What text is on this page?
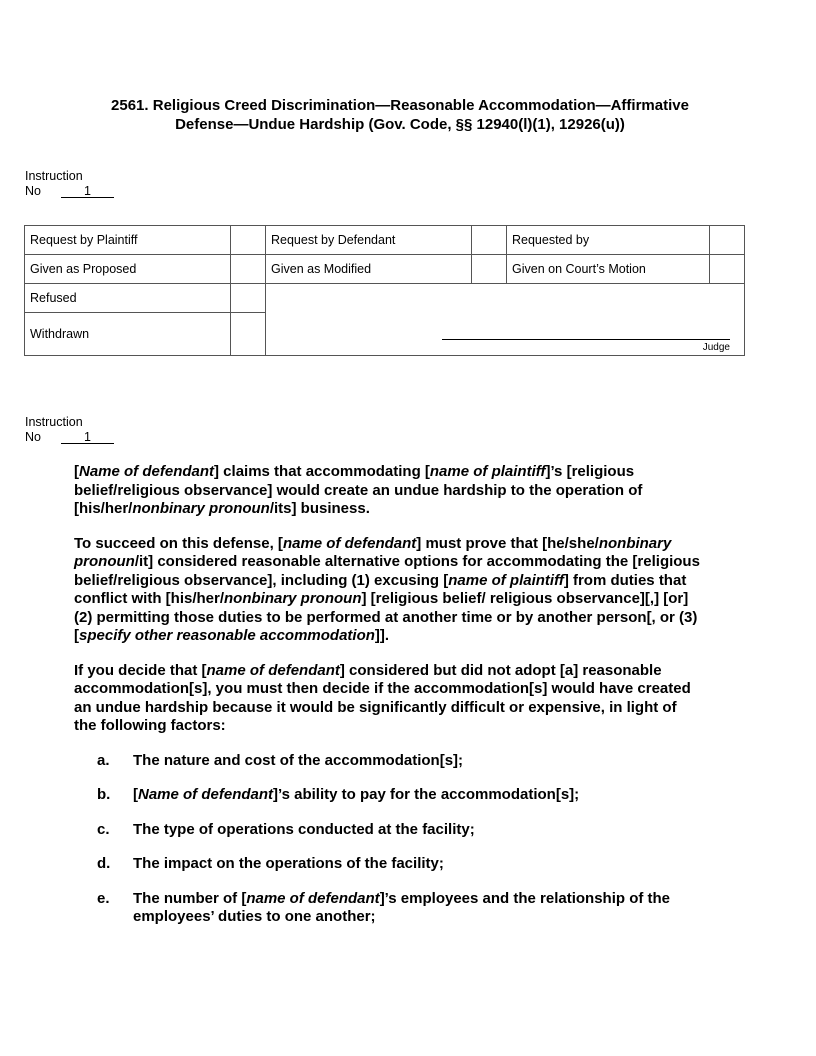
2561. Religious Creed Discrimination—Reasonable Accommodation—Affirmative Defense—Undue Hardship (Gov. Code, §§ 12940(l)(1), 12926(u))
Instruction
No	1
Request by Plaintiff		Request by Defendant		Requested by	
Given as Proposed		Given as Modified		Given on Court’s Motion	
Refused		Judge			

Withdrawn					
Instruction
No	1

[Name of defendant] claims that accommodating [name of plaintiff]’s [religious belief/religious observance] would create an undue hardship to the operation of [his/her/nonbinary pronoun/its] business.

To succeed on this defense, [name of defendant] must prove that [he/she/nonbinary pronoun/it] considered reasonable alternative options for accommodating the [religious belief/religious observance], including (1) excusing [name of plaintiff] from duties that conflict with [his/her/nonbinary pronoun] [religious belief/ religious observance][,] [or] (2) permitting those duties to be performed at another time or by another person[, or (3) [specify other reasonable accommodation]].

If you decide that [name of defendant] considered but did not adopt [a] reasonable accommodation[s], you must then decide if the accommodation[s] would have created an undue hardship because it would be significantly difficult or expensive, in light of the following factors:

a.	The nature and cost of the accommodation[s];
b.	[Name of defendant]’s ability to pay for the accommodation[s];
c.	The type of operations conducted at the facility;
d.	The impact on the operations of the facility;
e.	The number of [name of defendant]’s employees and the relationship of the employees’ duties to one another;
